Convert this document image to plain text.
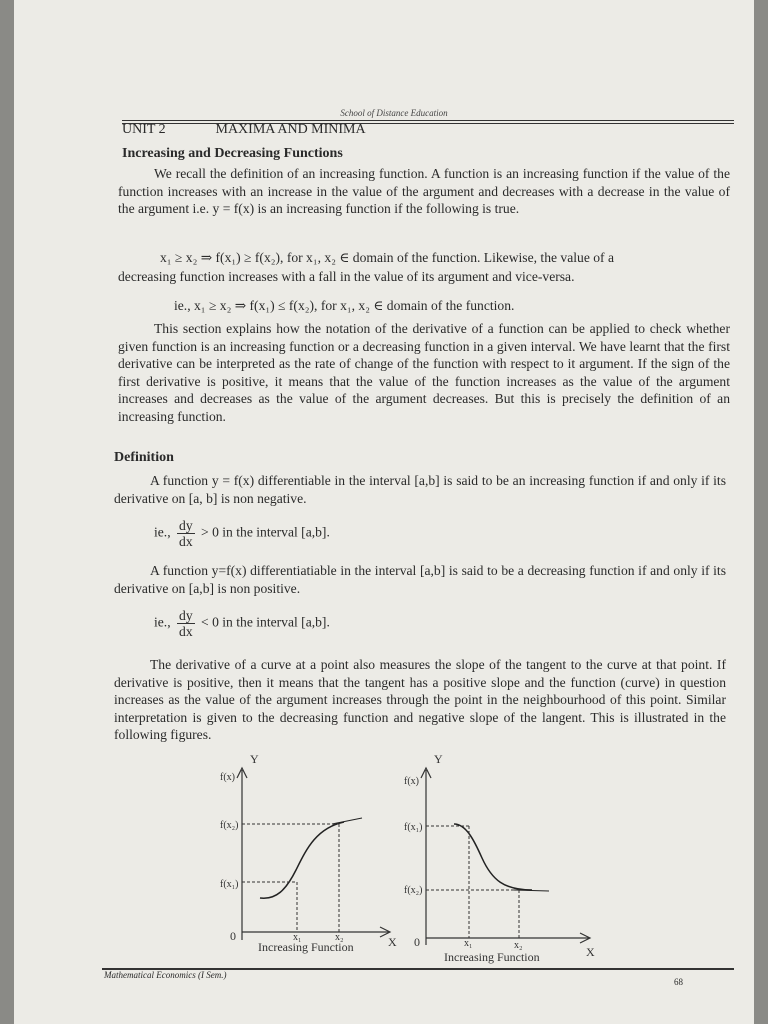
School of Distance Education
UNIT 2	MAXIMA AND MINIMA
Increasing and Decreasing Functions

We recall the definition of an increasing function. A function is an increasing function if the value of the function increases with an increase in the value of the argument and decreases with a decrease in the value of the argument i.e. y = f(x) is an increasing function if the following is true.

x₁ ≥ x₂ ⇒ f(x₁) ≥ f(x₂), for x₁, x₂ ∈ domain of the function. Likewise, the value of a

decreasing function increases with a fall in the value of its argument and vice-versa.

ie., x₁ ≥ x₂ ⇒ f(x₁) ≤ f(x₂), for x₁, x₂ ∈ domain of the function.

This section explains how the notation of the derivative of a function can be applied to check whether given function is an increasing function or a decreasing function in a given interval. We have learnt that the first derivative can be interpreted as the rate of change of the function with respect to it argument. If the sign of the first derivative is positive, it means that the value of the function increases as the value of the argument increases and decreases as the value of the argument decreases. But this is precisely the definition of an increasing function.

Definition

A function y = f(x) differentiable in the interval [a,b] is said to be an increasing function if and only if its derivative on [a, b] is non negative.

ie., $\frac{dy}{dx} > 0$ in the interval [a,b].

A function y=f(x) differentiatiable in the interval [a,b] is said to be a decreasing function if and only if its derivative on [a,b] is non positive.

ie., $\frac{dy}{dx} < 0$ in the interval [a,b].

The derivative of a curve at a point also measures the slope of the tangent to the curve at that point. If derivative is positive, then it means that the tangent has a positive slope and the function (curve) in question increases as the value of the argument increases through the point in the neighbourhood of this point. Similar interpretation is given to the decreasing function and negative slope of the langent. This is illustrated in the following figures.

Y
f(x)
f(x₂)
f(x₁)
0	x₁	x₂	X
Increasing Function
Y
f(x)
f(x₁)
f(x₂)
0	x₁	x₂	X
Increasing Function
Mathematical Economics (I Sem.)
68
